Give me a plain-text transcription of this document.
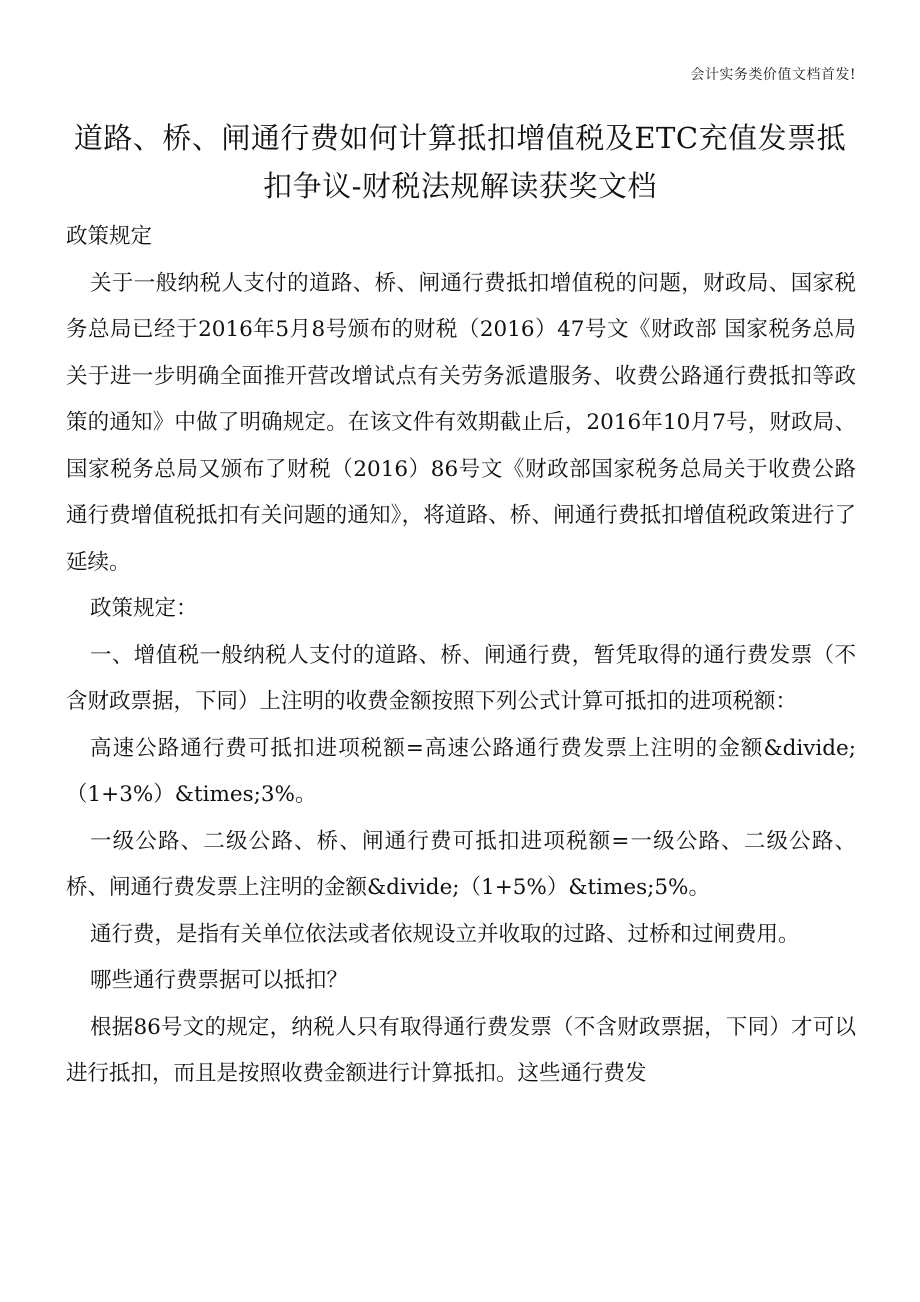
会计实务类价值文档首发!
道路、桥、闸通行费如何计算抵扣增值税及ETC充值发票抵扣争议-财税法规解读获奖文档

政策规定

关于一般纳税人支付的道路、桥、闸通行费抵扣增值税的问题，财政局、国家税务总局已经于2016年5月8号颁布的财税（2016）47号文《财政部 国家税务总局关于进一步明确全面推开营改增试点有关劳务派遣服务、收费公路通行费抵扣等政策的通知》中做了明确规定。在该文件有效期截止后，2016年10月7号，财政局、国家税务总局又颁布了财税（2016）86号文《财政部国家税务总局关于收费公路通行费增值税抵扣有关问题的通知》，将道路、桥、闸通行费抵扣增值税政策进行了延续。

政策规定：

一、增值税一般纳税人支付的道路、桥、闸通行费，暂凭取得的通行费发票（不含财政票据，下同）上注明的收费金额按照下列公式计算可抵扣的进项税额：

高速公路通行费可抵扣进项税额=高速公路通行费发票上注明的金额&divide;（1+3%）&times;3%。

一级公路、二级公路、桥、闸通行费可抵扣进项税额=一级公路、二级公路、桥、闸通行费发票上注明的金额&divide;（1+5%）&times;5%。

通行费，是指有关单位依法或者依规设立并收取的过路、过桥和过闸费用。

哪些通行费票据可以抵扣？

根据86号文的规定，纳税人只有取得通行费发票（不含财政票据，下同）才可以进行抵扣，而且是按照收费金额进行计算抵扣。这些通行费发
